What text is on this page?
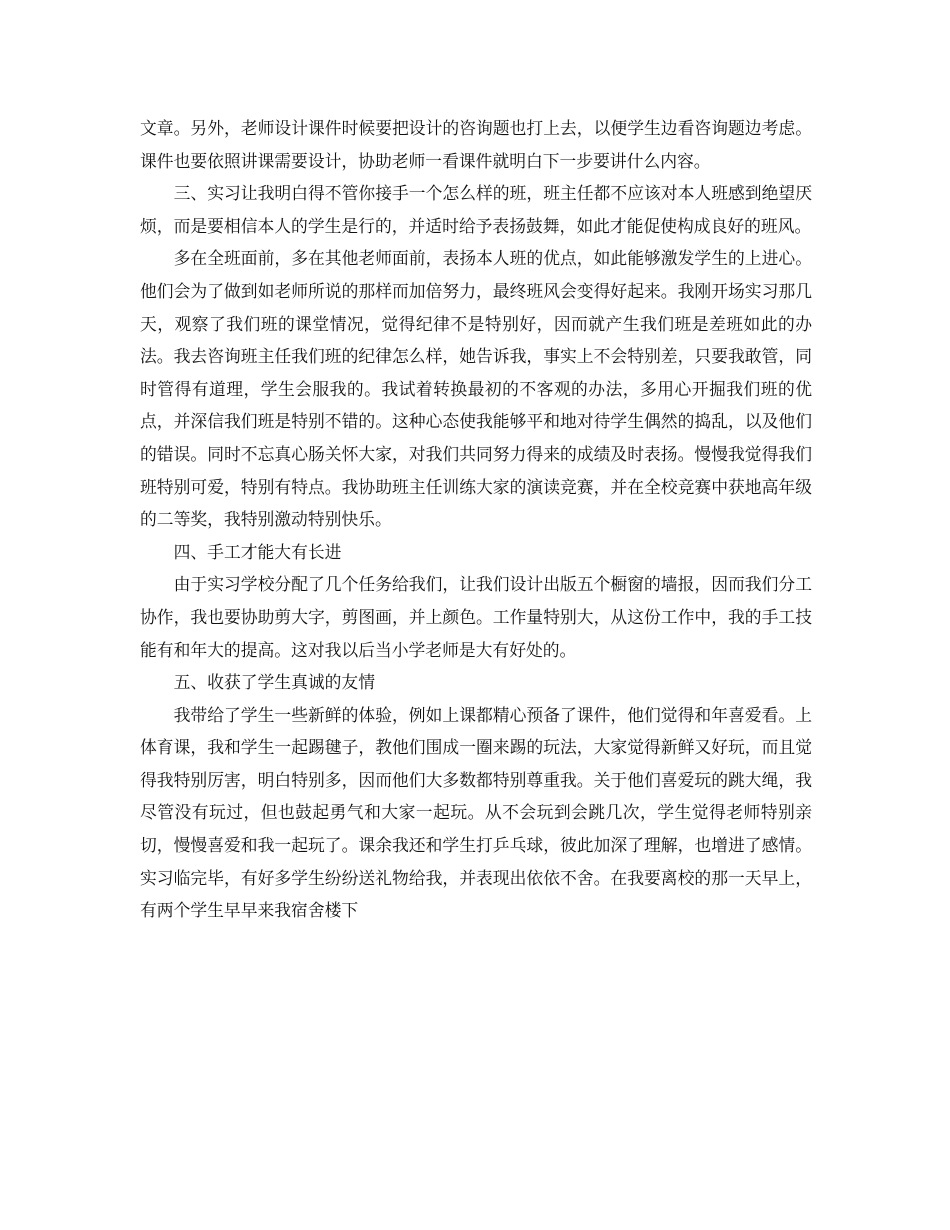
文章。另外，老师设计课件时候要把设计的咨询题也打上去，以便学生边看咨询题边考虑。课件也要依照讲课需要设计，协助老师一看课件就明白下一步要讲什么内容。

三、实习让我明白得不管你接手一个怎么样的班，班主任都不应该对本人班感到绝望厌烦，而是要相信本人的学生是行的，并适时给予表扬鼓舞，如此才能促使构成良好的班风。

多在全班面前，多在其他老师面前，表扬本人班的优点，如此能够激发学生的上进心。他们会为了做到如老师所说的那样而加倍努力，最终班风会变得好起来。我刚开场实习那几天，观察了我们班的课堂情况，觉得纪律不是特别好，因而就产生我们班是差班如此的办法。我去咨询班主任我们班的纪律怎么样，她告诉我，事实上不会特别差，只要我敢管，同时管得有道理，学生会服我的。我试着转换最初的不客观的办法，多用心开掘我们班的优点，并深信我们班是特别不错的。这种心态使我能够平和地对待学生偶然的捣乱，以及他们的错误。同时不忘真心肠关怀大家，对我们共同努力得来的成绩及时表扬。慢慢我觉得我们班特别可爱，特别有特点。我协助班主任训练大家的演读竞赛，并在全校竞赛中获地高年级的二等奖，我特别激动特别快乐。

四、手工才能大有长进

由于实习学校分配了几个任务给我们，让我们设计出版五个橱窗的墙报，因而我们分工协作，我也要协助剪大字，剪图画，并上颜色。工作量特别大，从这份工作中，我的手工技能有和年大的提高。这对我以后当小学老师是大有好处的。

五、收获了学生真诚的友情

我带给了学生一些新鲜的体验，例如上课都精心预备了课件，他们觉得和年喜爱看。上体育课，我和学生一起踢毽子，教他们围成一圈来踢的玩法，大家觉得新鲜又好玩，而且觉得我特别厉害，明白特别多，因而他们大多数都特别尊重我。关于他们喜爱玩的跳大绳，我尽管没有玩过，但也鼓起勇气和大家一起玩。从不会玩到会跳几次，学生觉得老师特别亲切，慢慢喜爱和我一起玩了。课余我还和学生打乒乓球，彼此加深了理解，也增进了感情。实习临完毕，有好多学生纷纷送礼物给我，并表现出依依不舍。在我要离校的那一天早上，有两个学生早早来我宿舍楼下
